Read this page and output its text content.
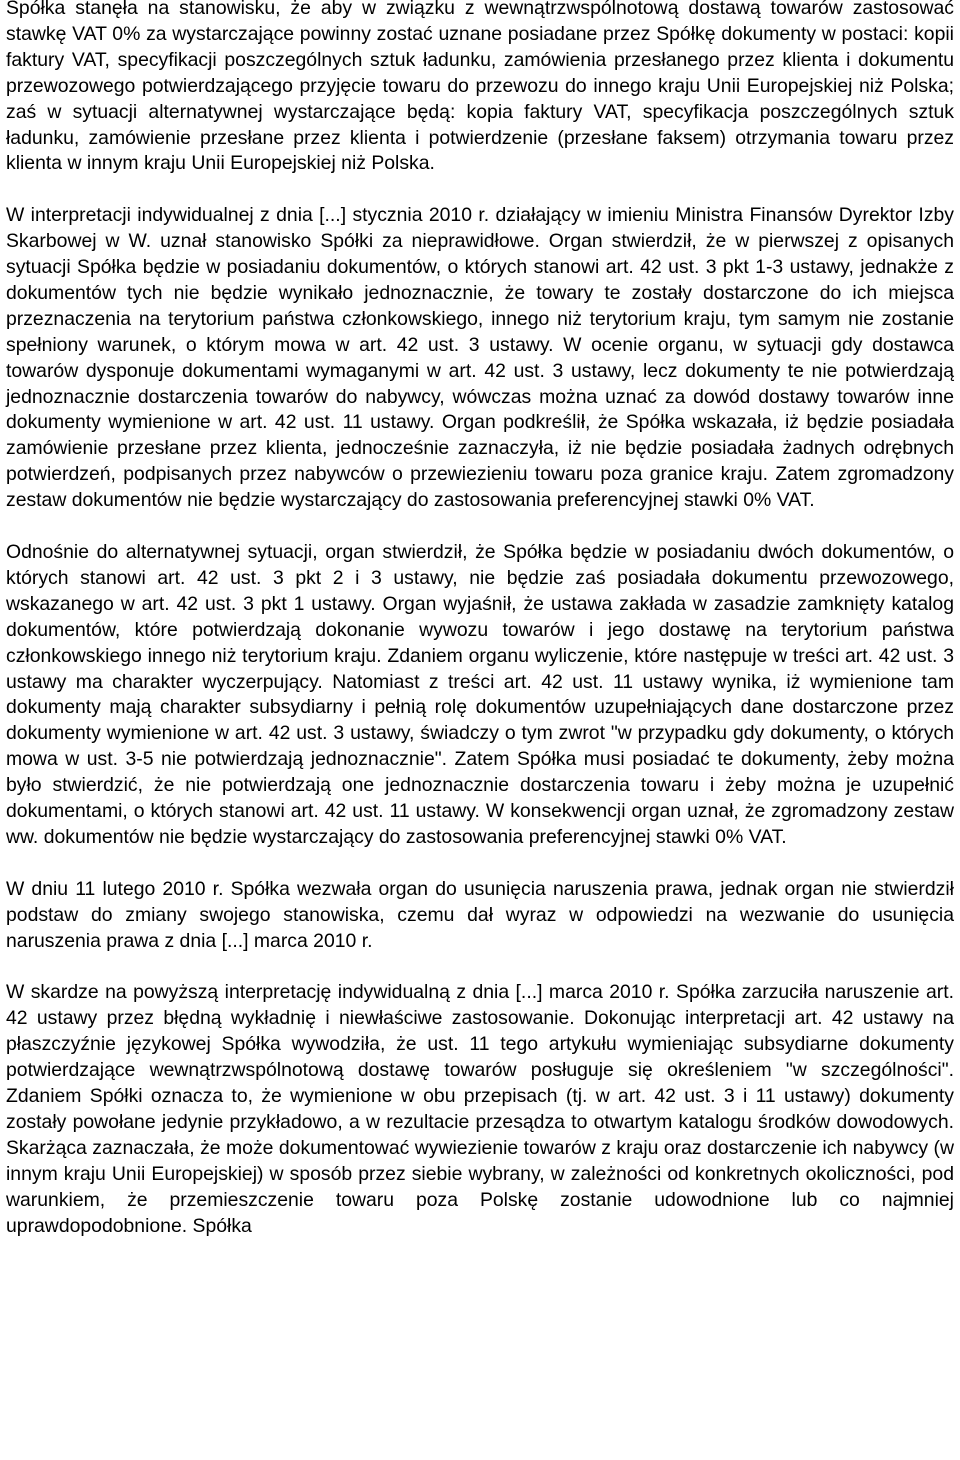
Spółka stanęła na stanowisku, że aby w związku z wewnątrzwspólnotową dostawą towarów zastosować stawkę VAT 0% za wystarczające powinny zostać uznane posiadane przez Spółkę dokumenty w postaci: kopii faktury VAT, specyfikacji poszczególnych sztuk ładunku, zamówienia przesłanego przez klienta i dokumentu przewozowego potwierdzającego przyjęcie towaru do przewozu do innego kraju Unii Europejskiej niż Polska; zaś w sytuacji alternatywnej wystarczające będą: kopia faktury VAT, specyfikacja poszczególnych sztuk ładunku, zamówienie przesłane przez klienta i potwierdzenie (przesłane faksem) otrzymania towaru przez klienta w innym kraju Unii Europejskiej niż Polska.

W interpretacji indywidualnej z dnia [...] stycznia 2010 r. działający w imieniu Ministra Finansów Dyrektor Izby Skarbowej w W. uznał stanowisko Spółki za nieprawidłowe. Organ stwierdził, że w pierwszej z opisanych sytuacji Spółka będzie w posiadaniu dokumentów, o których stanowi art. 42 ust. 3 pkt 1-3 ustawy, jednakże z dokumentów tych nie będzie wynikało jednoznacznie, że towary te zostały dostarczone do ich miejsca przeznaczenia na terytorium państwa członkowskiego, innego niż terytorium kraju, tym samym nie zostanie spełniony warunek, o którym mowa w art. 42 ust. 3 ustawy. W ocenie organu, w sytuacji gdy dostawca towarów dysponuje dokumentami wymaganymi w art. 42 ust. 3 ustawy, lecz dokumenty te nie potwierdzają jednoznacznie dostarczenia towarów do nabywcy, wówczas można uznać za dowód dostawy towarów inne dokumenty wymienione w art. 42 ust. 11 ustawy. Organ podkreślił, że Spółka wskazała, iż będzie posiadała zamówienie przesłane przez klienta, jednocześnie zaznaczyła, iż nie będzie posiadała żadnych odrębnych potwierdzeń, podpisanych przez nabywców o przewiezieniu towaru poza granice kraju. Zatem zgromadzony zestaw dokumentów nie będzie wystarczający do zastosowania preferencyjnej stawki 0% VAT.

Odnośnie do alternatywnej sytuacji, organ stwierdził, że Spółka będzie w posiadaniu dwóch dokumentów, o których stanowi art. 42 ust. 3 pkt 2 i 3 ustawy, nie będzie zaś posiadała dokumentu przewozowego, wskazanego w art. 42 ust. 3 pkt 1 ustawy. Organ wyjaśnił, że ustawa zakłada w zasadzie zamknięty katalog dokumentów, które potwierdzają dokonanie wywozu towarów i jego dostawę na terytorium państwa członkowskiego innego niż terytorium kraju. Zdaniem organu wyliczenie, które następuje w treści art. 42 ust. 3 ustawy ma charakter wyczerpujący. Natomiast z treści art. 42 ust. 11 ustawy wynika, iż wymienione tam dokumenty mają charakter subsydiarny i pełnią rolę dokumentów uzupełniających dane dostarczone przez dokumenty wymienione w art. 42 ust. 3 ustawy, świadczy o tym zwrot "w przypadku gdy dokumenty, o których mowa w ust. 3-5 nie potwierdzają jednoznacznie". Zatem Spółka musi posiadać te dokumenty, żeby można było stwierdzić, że nie potwierdzają one jednoznacznie dostarczenia towaru i żeby można je uzupełnić dokumentami, o których stanowi art. 42 ust. 11 ustawy. W konsekwencji organ uznał, że zgromadzony zestaw ww. dokumentów nie będzie wystarczający do zastosowania preferencyjnej stawki 0% VAT.

W dniu 11 lutego 2010 r. Spółka wezwała organ do usunięcia naruszenia prawa, jednak organ nie stwierdził podstaw do zmiany swojego stanowiska, czemu dał wyraz w odpowiedzi na wezwanie do usunięcia naruszenia prawa z dnia [...] marca 2010 r.

W skardze na powyższą interpretację indywidualną z dnia [...] marca 2010 r. Spółka zarzuciła naruszenie art. 42 ustawy przez błędną wykładnię i niewłaściwe zastosowanie. Dokonując interpretacji art. 42 ustawy na płaszczyźnie językowej Spółka wywodziła, że ust. 11 tego artykułu wymieniając subsydiarne dokumenty potwierdzające wewnątrzwspólnotową dostawę towarów posługuje się określeniem "w szczególności". Zdaniem Spółki oznacza to, że wymienione w obu przepisach (tj. w art. 42 ust. 3 i 11 ustawy) dokumenty zostały powołane jedynie przykładowo, a w rezultacie przesądza to otwartym katalogu środków dowodowych. Skarżąca zaznaczała, że może dokumentować wywiezienie towarów z kraju oraz dostarczenie ich nabywcy (w innym kraju Unii Europejskiej) w sposób przez siebie wybrany, w zależności od konkretnych okoliczności, pod warunkiem, że przemieszczenie towaru poza Polskę zostanie udowodnione lub co najmniej uprawdopodobnione. Spółka
